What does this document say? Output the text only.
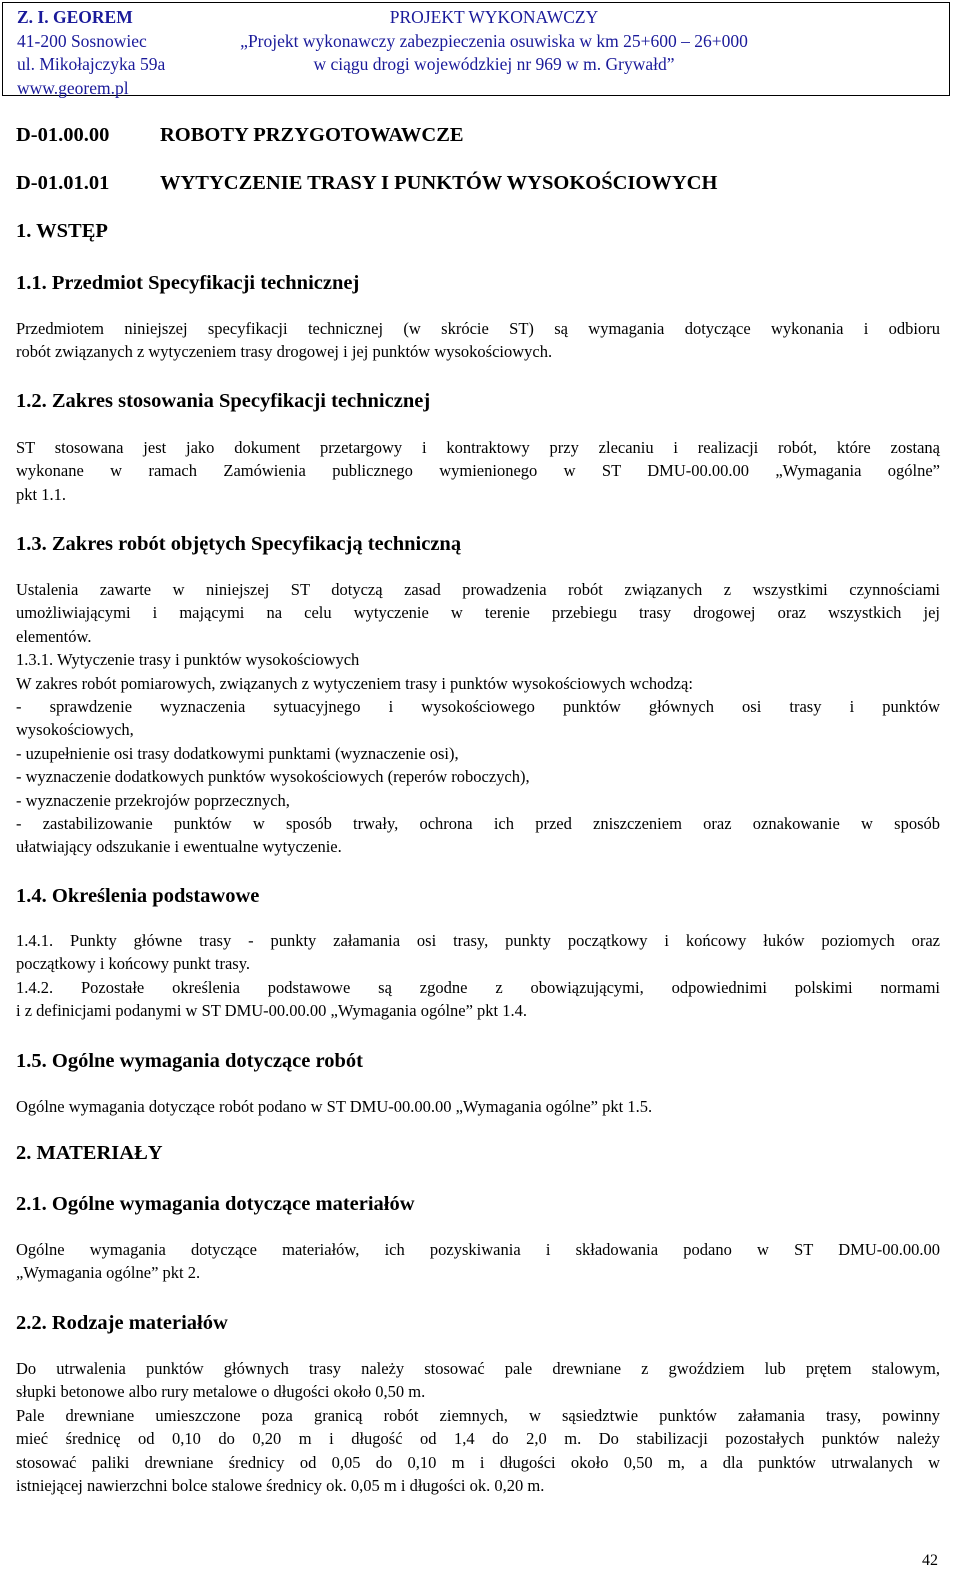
Z. I. GEOREM
41-200 Sosnowiec
ul. Mikołajczyka 59a
www.georem.pl
PROJEKT WYKONAWCZY
„Projekt wykonawczy zabezpieczenia osuwiska w km 25+600 – 26+000
w ciągu drogi wojewódzkiej nr 969 w m. Grywałd”
D-01.00.00 ROBOTY PRZYGOTOWAWCZE
D-01.01.01 WYTYCZENIE TRASY I PUNKTÓW WYSOKOŚCIOWYCH
1. WSTĘP
1.1. Przedmiot Specyfikacji technicznej
Przedmiotem niniejszej specyfikacji technicznej (w skrócie ST) są wymagania dotyczące wykonania i odbioru
robót związanych z wytyczeniem trasy drogowej i jej punktów wysokościowych.
1.2. Zakres stosowania Specyfikacji technicznej
ST stosowana jest jako dokument przetargowy i kontraktowy przy zlecaniu i realizacji robót, które zostaną
wykonane w ramach Zamówienia publicznego wymienionego w ST DMU-00.00.00 „Wymagania ogólne”
pkt 1.1.
1.3. Zakres robót objętych Specyfikacją techniczną
Ustalenia zawarte w niniejszej ST dotyczą zasad prowadzenia robót związanych z wszystkimi czynnościami
umożliwiającymi i mającymi na celu wytyczenie w terenie przebiegu trasy drogowej oraz wszystkich jej
elementów.
1.3.1. Wytyczenie trasy i punktów wysokościowych
W zakres robót pomiarowych, związanych z wytyczeniem trasy i punktów wysokościowych wchodzą:
- sprawdzenie wyznaczenia sytuacyjnego i wysokościowego punktów głównych osi trasy i punktów
wysokościowych,
- uzupełnienie osi trasy dodatkowymi punktami (wyznaczenie osi),
- wyznaczenie dodatkowych punktów wysokościowych (reperów roboczych),
- wyznaczenie przekrojów poprzecznych,
- zastabilizowanie punktów w sposób trwały, ochrona ich przed zniszczeniem oraz oznakowanie w sposób
ułatwiający odszukanie i ewentualne wytyczenie.
1.4. Określenia podstawowe
1.4.1. Punkty główne trasy - punkty załamania osi trasy, punkty początkowy i końcowy łuków poziomych oraz
początkowy i końcowy punkt trasy.
1.4.2. Pozostałe określenia podstawowe są zgodne z obowiązującymi, odpowiednimi polskimi normami
i z definicjami podanymi w ST DMU-00.00.00 „Wymagania ogólne” pkt 1.4.
1.5. Ogólne wymagania dotyczące robót
Ogólne wymagania dotyczące robót podano w ST DMU-00.00.00 „Wymagania ogólne” pkt 1.5.
2. MATERIAŁY
2.1. Ogólne wymagania dotyczące materiałów
Ogólne wymagania dotyczące materiałów, ich pozyskiwania i składowania podano w ST DMU-00.00.00
„Wymagania ogólne” pkt 2.
2.2. Rodzaje materiałów
Do utrwalenia punktów głównych trasy należy stosować pale drewniane z gwoździem lub prętem stalowym,
słupki betonowe albo rury metalowe o długości około 0,50 m.
Pale drewniane umieszczone poza granicą robót ziemnych, w sąsiedztwie punktów załamania trasy, powinny
mieć średnicę od 0,10 do 0,20 m i długość od 1,4 do 2,0 m. Do stabilizacji pozostałych punktów należy
stosować paliki drewniane średnicy od 0,05 do 0,10 m i długości około 0,50 m, a dla punktów utrwalanych w
istniejącej nawierzchni bolce stalowe średnicy ok. 0,05 m i długości ok. 0,20 m.
42
